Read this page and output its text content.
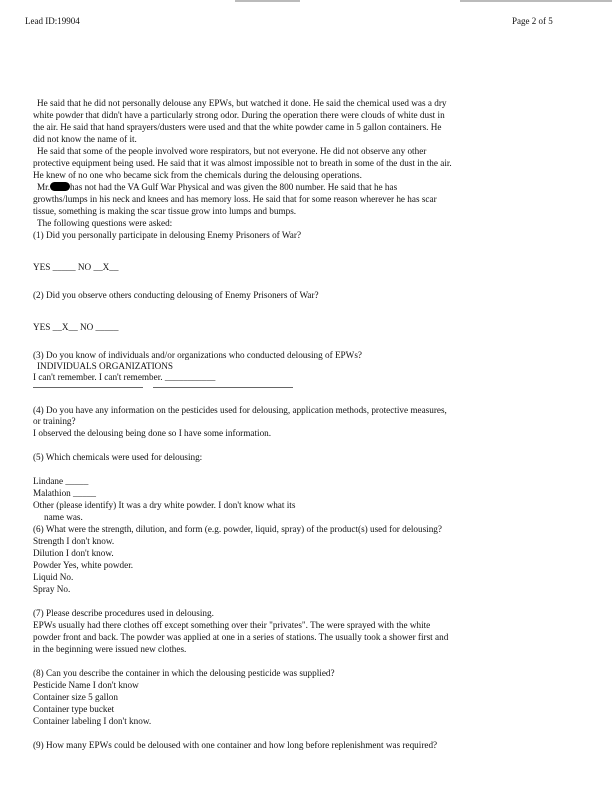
Lead ID:19904	Page 2 of 5
He said that he did not personally delouse any EPWs, but watched it done. He said the chemical used was a dry
white powder that didn't have a particularly strong odor. During the operation there were clouds of white dust in
the air. He said that hand sprayers/dusters were used and that the white powder came in 5 gallon containers. He
did not know the name of it.
He said that some of the people involved wore respirators, but not everyone. He did not observe any other
protective equipment being used. He said that it was almost impossible not to breath in some of the dust in the air.
He knew of no one who became sick from the chemicals during the delousing operations.
Mr. has not had the VA Gulf War Physical and was given the 800 number. He said that he has
growths/lumps in his neck and knees and has memory loss. He said that for some reason wherever he has scar
tissue, something is making the scar tissue grow into lumps and bumps.
The following questions were asked:
(1) Did you personally participate in delousing Enemy Prisoners of War?
YES _____ NO __X__
(2) Did you observe others conducting delousing of Enemy Prisoners of War?
YES __X__ NO _____
(3) Do you know of individuals and/or organizations who conducted delousing of EPWs?
INDIVIDUALS ORGANIZATIONS
I can't remember. I can't remember. ___________
(4) Do you have any information on the pesticides used for delousing, application methods, protective measures,
or training?
I observed the delousing being done so I have some information.
(5) Which chemicals were used for delousing:
Lindane _____
Malathion _____
Other (please identify) It was a dry white powder. I don't know what its
name was.
(6) What were the strength, dilution, and form (e.g. powder, liquid, spray) of the product(s) used for delousing?
Strength I don't know.
Dilution I don't know.
Powder Yes, white powder.
Liquid No.
Spray No.
(7) Please describe procedures used in delousing.
EPWs usually had there clothes off except something over their "privates". The were sprayed with the white
powder front and back. The powder was applied at one in a series of stations. The usually took a shower first and
in the beginning were issued new clothes.
(8) Can you describe the container in which the delousing pesticide was supplied?
Pesticide Name I don't know
Container size 5 gallon
Container type bucket
Container labeling I don't know.
(9) How many EPWs could be deloused with one container and how long before replenishment was required?
